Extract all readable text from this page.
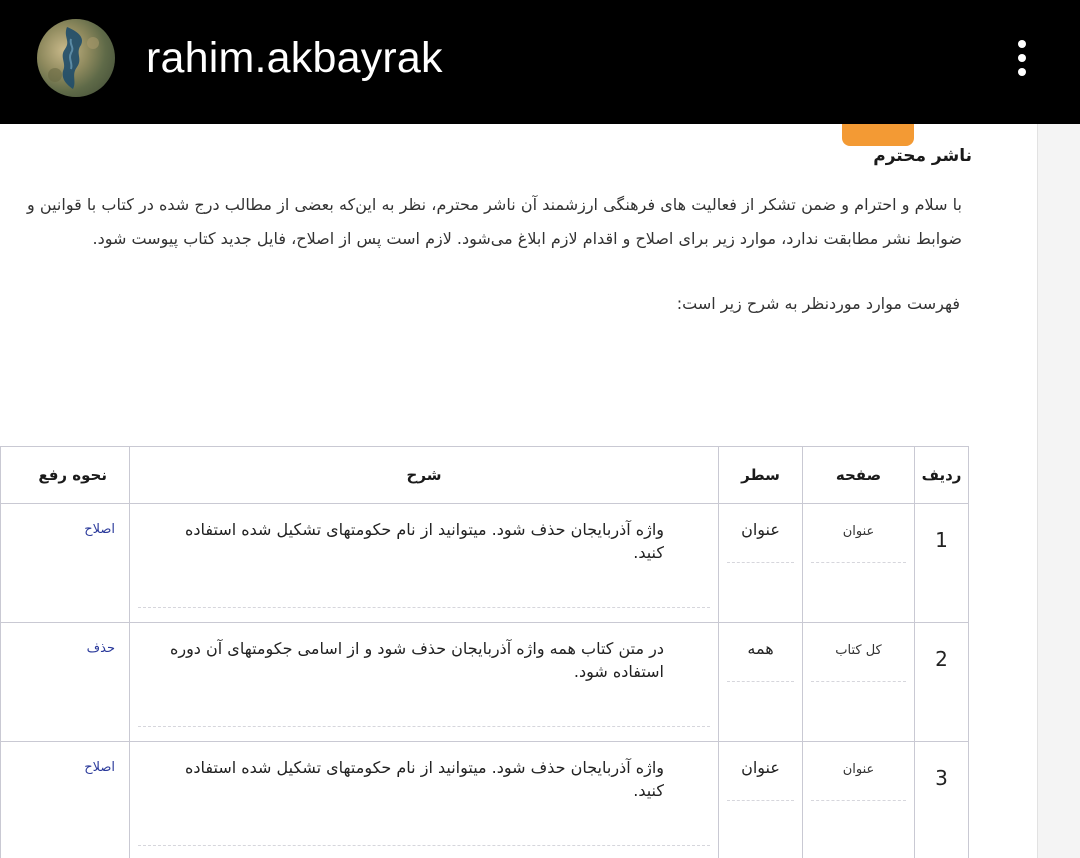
rahim.akbayrak
ناشر محترم
با سلام و احترام و ضمن تشکر از فعالیت های فرهنگی ارزشمند آن ناشر محترم، نظر به این‌که بعضی از مطالب درج شده در کتاب با قوانین و ضوابط نشر مطابقت ندارد، موارد زیر برای اصلاح و اقدام لازم ابلاغ می‌شود. لازم است پس از اصلاح، فایل جدید کتاب پیوست شود.
فهرست موارد مورد‌نظر به شرح زیر است:
ردیف	صفحه	سطر	شرح	نحوه رفع
1	عنوان	عنوان	واژه آذربایجان حذف شود. میتوانید از نام حکومتهای تشکیل شده استفاده کنید.	اصلاح
2	کل کتاب	همه	در متن کتاب همه واژه آذربایجان حذف شود و از اسامی جکومتهای آن دوره استفاده شود.	حذف
3	عنوان	عنوان	واژه آذربایجان حذف شود. میتوانید از نام حکومتهای تشکیل شده استفاده کنید.	اصلاح
